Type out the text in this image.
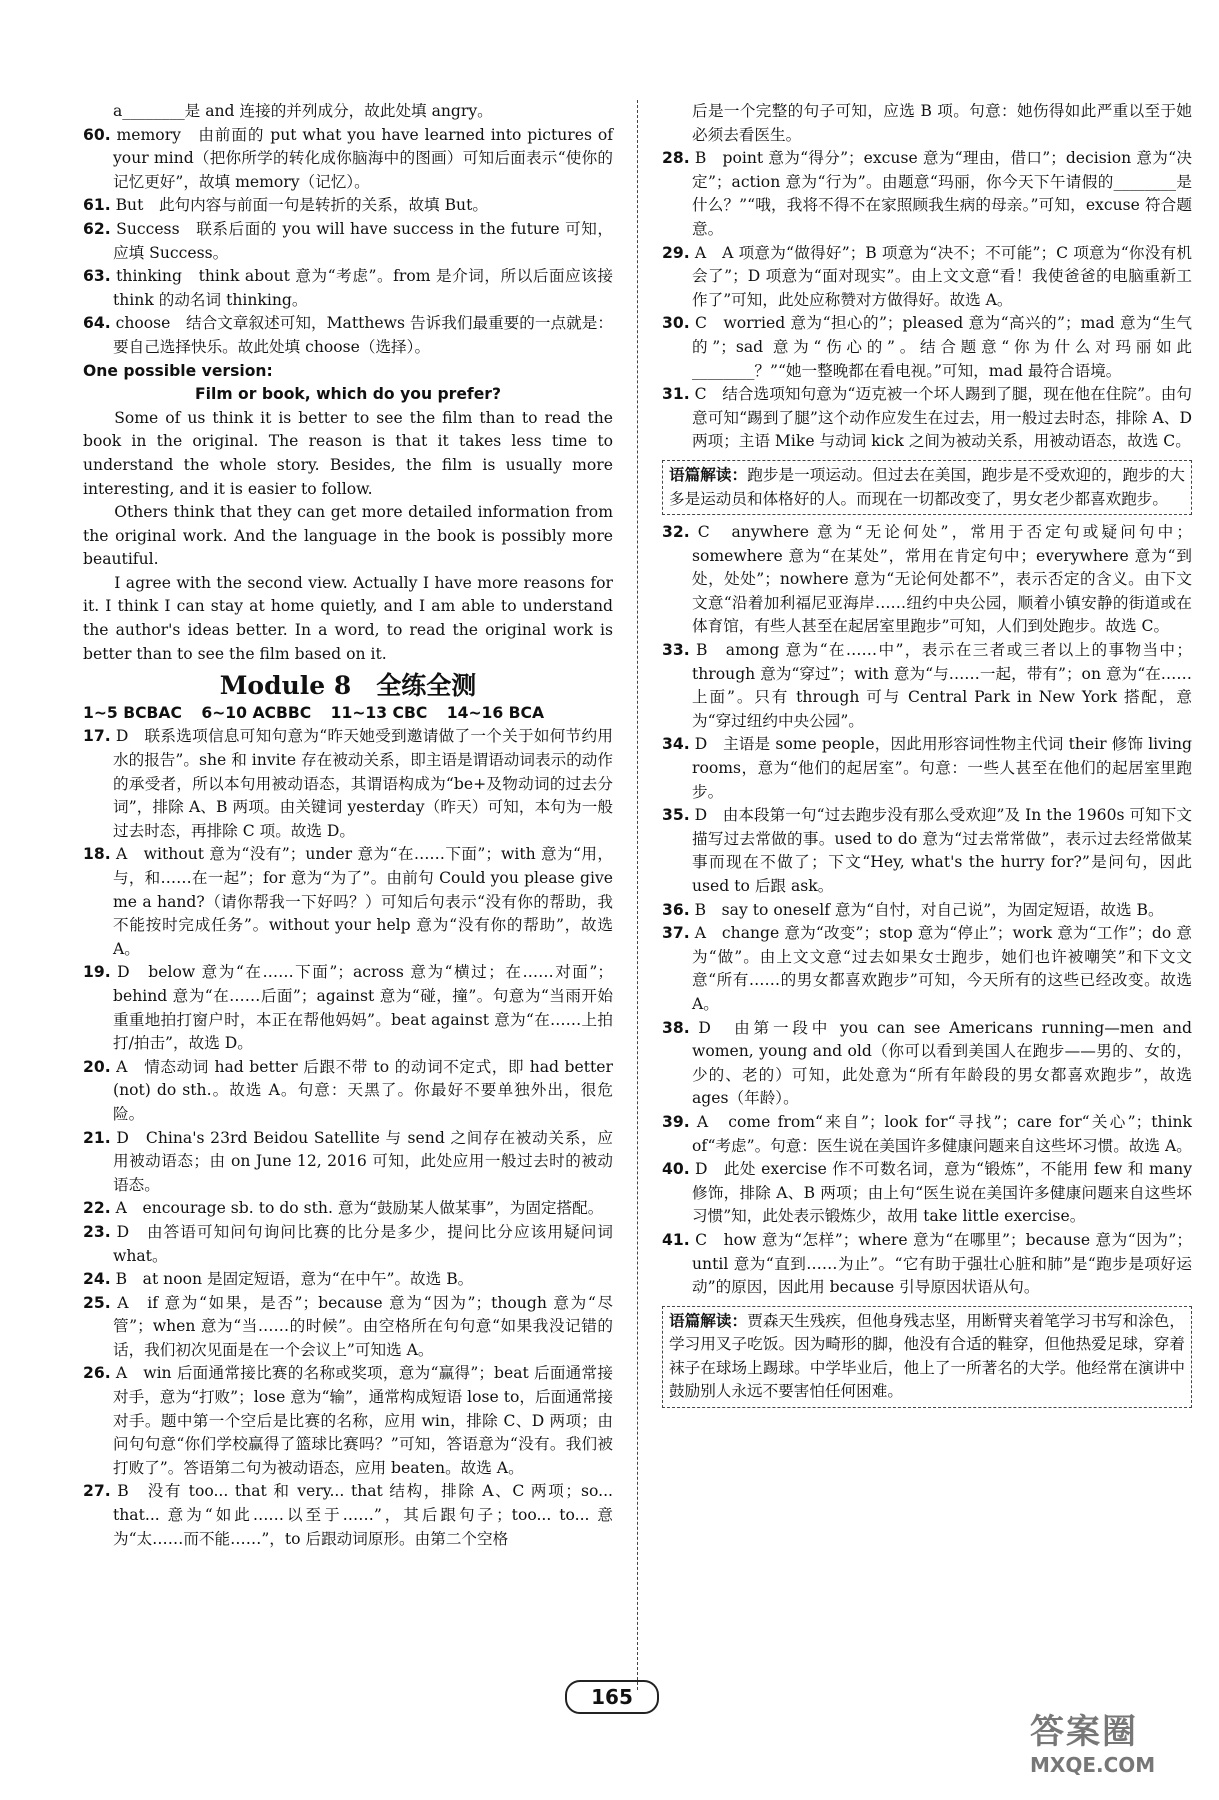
a________是 and 连接的并列成分，故此处填 angry。

60. memory　由前面的 put what you have learned into pictures of your mind（把你所学的转化成你脑海中的图画）可知后面表示“使你的记忆更好”，故填 memory（记忆）。

61. But　此句内容与前面一句是转折的关系，故填 But。

62. Success　联系后面的 you will have success in the future 可知，应填 Success。

63. thinking　think about 意为“考虑”。from 是介词，所以后面应该接 think 的动名词 thinking。

64. choose　结合文章叙述可知，Matthews 告诉我们最重要的一点就是：要自己选择快乐。故此处填 choose（选择）。

One possible version:

Film or book, which do you prefer?

Some of us think it is better to see the film than to read the book in the original. The reason is that it takes less time to understand the whole story. Besides, the film is usually more interesting, and it is easier to follow.

Others think that they can get more detailed information from the original work. And the language in the book is possibly more beautiful.

I agree with the second view. Actually I have more reasons for it. I think I can stay at home quietly, and I am able to understand the author's ideas better. In a word, to read the original work is better than to see the film based on it.

Module 8　全练全测

1~5 BCBAC 6~10 ACBBC 11~13 CBC 14~16 BCA

17. D　联系选项信息可知句意为“昨天她受到邀请做了一个关于如何节约用水的报告”。she 和 invite 存在被动关系，即主语是谓语动词表示的动作的承受者，所以本句用被动语态，其谓语构成为“be+及物动词的过去分词”，排除 A、B 两项。由关键词 yesterday（昨天）可知，本句为一般过去时态，再排除 C 项。故选 D。

18. A　without 意为“没有”；under 意为“在……下面”；with 意为“用，与，和……在一起”；for 意为“为了”。由前句 Could you please give me a hand?（请你帮我一下好吗？）可知后句表示“没有你的帮助，我不能按时完成任务”。without your help 意为“没有你的帮助”，故选 A。

19. D　below 意为“在……下面”；across 意为“横过；在……对面”；behind 意为“在……后面”；against 意为“碰，撞”。句意为“当雨开始重重地拍打窗户时，本正在帮他妈妈”。beat against 意为“在……上拍打/拍击”，故选 D。

20. A　情态动词 had better 后跟不带 to 的动词不定式，即 had better (not) do sth.。故选 A。句意：天黑了。你最好不要单独外出，很危险。

21. D　China's 23rd Beidou Satellite 与 send 之间存在被动关系，应用被动语态；由 on June 12, 2016 可知，此处应用一般过去时的被动语态。

22. A　encourage sb. to do sth. 意为“鼓励某人做某事”，为固定搭配。

23. D　由答语可知问句询问比赛的比分是多少，提问比分应该用疑问词 what。

24. B　at noon 是固定短语，意为“在中午”。故选 B。

25. A　if 意为“如果，是否”；because 意为“因为”；though 意为“尽管”；when 意为“当……的时候”。由空格所在句句意“如果我没记错的话，我们初次见面是在一个会议上”可知选 A。

26. A　win 后面通常接比赛的名称或奖项，意为“赢得”；beat 后面通常接对手，意为“打败”；lose 意为“输”，通常构成短语 lose to，后面通常接对手。题中第一个空后是比赛的名称，应用 win，排除 C、D 两项；由问句句意“你们学校赢得了篮球比赛吗？”可知，答语意为“没有。我们被打败了”。答语第二句为被动语态，应用 beaten。故选 A。

27. B　没有 too... that 和 very... that 结构，排除 A、C 两项；so... that... 意为“如此……以至于……”，其后跟句子；too... to... 意为“太……而不能……”，to 后跟动词原形。由第二个空格

后是一个完整的句子可知，应选 B 项。句意：她伤得如此严重以至于她必须去看医生。

28. B　point 意为“得分”；excuse 意为“理由，借口”；decision 意为“决定”；action 意为“行为”。由题意“玛丽，你今天下午请假的________是什么？”“哦，我将不得不在家照顾我生病的母亲。”可知，excuse 符合题意。

29. A　A 项意为“做得好”；B 项意为“决不；不可能”；C 项意为“你没有机会了”；D 项意为“面对现实”。由上文文意“看！我使爸爸的电脑重新工作了”可知，此处应称赞对方做得好。故选 A。

30. C　worried 意为“担心的”；pleased 意为“高兴的”；mad 意为“生气的”；sad 意为“伤心的”。结合题意“你为什么对玛丽如此________？”“她一整晚都在看电视。”可知，mad 最符合语境。

31. C　结合选项知句意为“迈克被一个坏人踢到了腿，现在他在住院”。由句意可知“踢到了腿”这个动作应发生在过去，用一般过去时态，排除 A、D 两项；主语 Mike 与动词 kick 之间为被动关系，用被动语态，故选 C。

语篇解读：跑步是一项运动。但过去在美国，跑步是不受欢迎的，跑步的大多是运动员和体格好的人。而现在一切都改变了，男女老少都喜欢跑步。

32. C　anywhere 意为“无论何处”，常用于否定句或疑问句中；somewhere 意为“在某处”，常用在肯定句中；everywhere 意为“到处，处处”；nowhere 意为“无论何处都不”，表示否定的含义。由下文文意“沿着加利福尼亚海岸……纽约中央公园，顺着小镇安静的街道或在体育馆，有些人甚至在起居室里跑步”可知，人们到处跑步。故选 C。

33. B　among 意为“在……中”，表示在三者或三者以上的事物当中；through 意为“穿过”；with 意为“与……一起，带有”；on 意为“在……上面”。只有 through 可与 Central Park in New York 搭配，意为“穿过纽约中央公园”。

34. D　主语是 some people，因此用形容词性物主代词 their 修饰 living rooms，意为“他们的起居室”。句意：一些人甚至在他们的起居室里跑步。

35. D　由本段第一句“过去跑步没有那么受欢迎”及 In the 1960s 可知下文描写过去常做的事。used to do 意为“过去常常做”，表示过去经常做某事而现在不做了；下文“Hey, what's the hurry for?”是问句，因此 used to 后跟 ask。

36. B　say to oneself 意为“自忖，对自己说”，为固定短语，故选 B。

37. A　change 意为“改变”；stop 意为“停止”；work 意为“工作”；do 意为“做”。由上文文意“过去如果女士跑步，她们也许被嘲笑”和下文文意“所有……的男女都喜欢跑步”可知，今天所有的这些已经改变。故选 A。

38. D　由第一段中 you can see Americans running—men and women, young and old（你可以看到美国人在跑步——男的、女的，少的、老的）可知，此处意为“所有年龄段的男女都喜欢跑步”，故选 ages（年龄）。

39. A　come from“来自”；look for“寻找”；care for“关心”；think of“考虑”。句意：医生说在美国许多健康问题来自这些坏习惯。故选 A。

40. D　此处 exercise 作不可数名词，意为“锻炼”，不能用 few 和 many 修饰，排除 A、B 两项；由上句“医生说在美国许多健康问题来自这些坏习惯”知，此处表示锻炼少，故用 take little exercise。

41. C　how 意为“怎样”；where 意为“在哪里”；because 意为“因为”；until 意为“直到……为止”。“它有助于强壮心脏和肺”是“跑步是项好运动”的原因，因此用 because 引导原因状语从句。

语篇解读：贾森天生残疾，但他身残志坚，用断臂夹着笔学习书写和涂色，学习用叉子吃饭。因为畸形的脚，他没有合适的鞋穿，但他热爱足球，穿着袜子在球场上踢球。中学毕业后，他上了一所著名的大学。他经常在演讲中鼓励别人永远不要害怕任何困难。
165
答案圈
MXQE.COM
